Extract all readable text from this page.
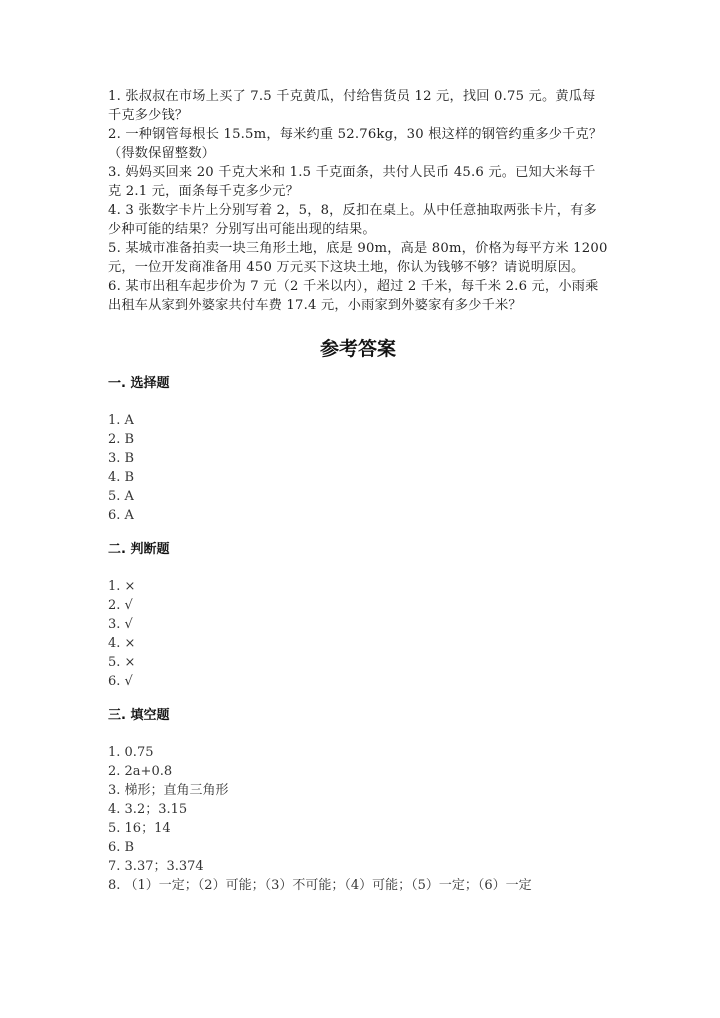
1. 张叔叔在市场上买了 7.5 千克黄瓜，付给售货员 12 元，找回 0.75 元。黄瓜每千克多少钱？

2. 一种钢管每根长 15.5m，每米约重 52.76kg，30 根这样的钢管约重多少千克？（得数保留整数）

3. 妈妈买回来 20 千克大米和 1.5 千克面条，共付人民币 45.6 元。已知大米每千克 2.1 元，面条每千克多少元？

4. 3 张数字卡片上分别写着 2，5，8，反扣在桌上。从中任意抽取两张卡片，有多少种可能的结果？分别写出可能出现的结果。

5. 某城市准备拍卖一块三角形土地，底是 90m，高是 80m，价格为每平方米 1200 元，一位开发商准备用 450 万元买下这块土地，你认为钱够不够？请说明原因。

6. 某市出租车起步价为 7 元（2 千米以内），超过 2 千米，每千米 2.6 元，小雨乘出租车从家到外婆家共付车费 17.4 元，小雨家到外婆家有多少千米？

参考答案
一. 选择题

1. A

2. B

3. B

4. B

5. A

6. A

二. 判断题

1. ×

2. √

3. √

4. ×

5. ×

6. √

三. 填空题

1. 0.75

2. 2a+0.8

3. 梯形；直角三角形

4. 3.2；3.15

5. 16；14

6. B

7. 3.37；3.374

8. （1）一定；（2）可能；（3）不可能；（4）可能；（5）一定；（6）一定
